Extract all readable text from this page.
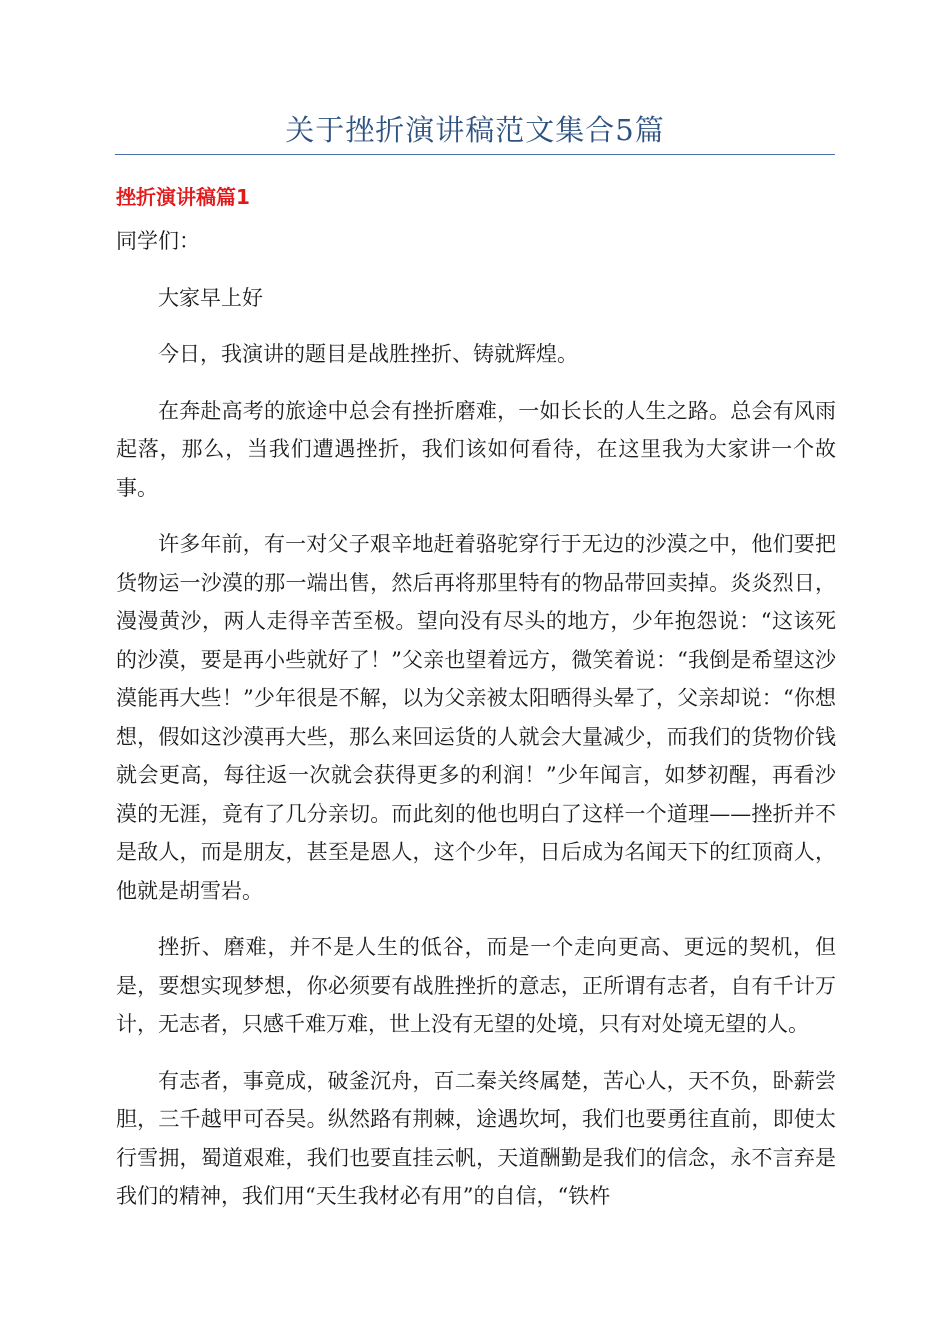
关于挫折演讲稿范文集合5篇
挫折演讲稿篇1

同学们：

大家早上好

今日，我演讲的题目是战胜挫折、铸就辉煌。

在奔赴高考的旅途中总会有挫折磨难，一如长长的人生之路。总会有风雨起落，那么，当我们遭遇挫折，我们该如何看待，在这里我为大家讲一个故事。

许多年前，有一对父子艰辛地赶着骆驼穿行于无边的沙漠之中，他们要把货物运一沙漠的那一端出售，然后再将那里特有的物品带回卖掉。炎炎烈日，漫漫黄沙，两人走得辛苦至极。望向没有尽头的地方，少年抱怨说：“这该死的沙漠，要是再小些就好了！”父亲也望着远方，微笑着说：“我倒是希望这沙漠能再大些！”少年很是不解，以为父亲被太阳晒得头晕了，父亲却说：“你想想，假如这沙漠再大些，那么来回运货的人就会大量减少，而我们的货物价钱就会更高，每往返一次就会获得更多的利润！”少年闻言，如梦初醒，再看沙漠的无涯，竟有了几分亲切。而此刻的他也明白了这样一个道理——挫折并不是敌人，而是朋友，甚至是恩人，这个少年，日后成为名闻天下的红顶商人，他就是胡雪岩。

挫折、磨难，并不是人生的低谷，而是一个走向更高、更远的契机，但是，要想实现梦想，你必须要有战胜挫折的意志，正所谓有志者，自有千计万计，无志者，只感千难万难，世上没有无望的处境，只有对处境无望的人。

有志者，事竟成，破釜沉舟，百二秦关终属楚，苦心人，天不负，卧薪尝胆，三千越甲可吞吴。纵然路有荆棘，途遇坎坷，我们也要勇往直前，即使太行雪拥，蜀道艰难，我们也要直挂云帆，天道酬勤是我们的信念，永不言弃是我们的精神，我们用“天生我材必有用”的自信，“铁杵
